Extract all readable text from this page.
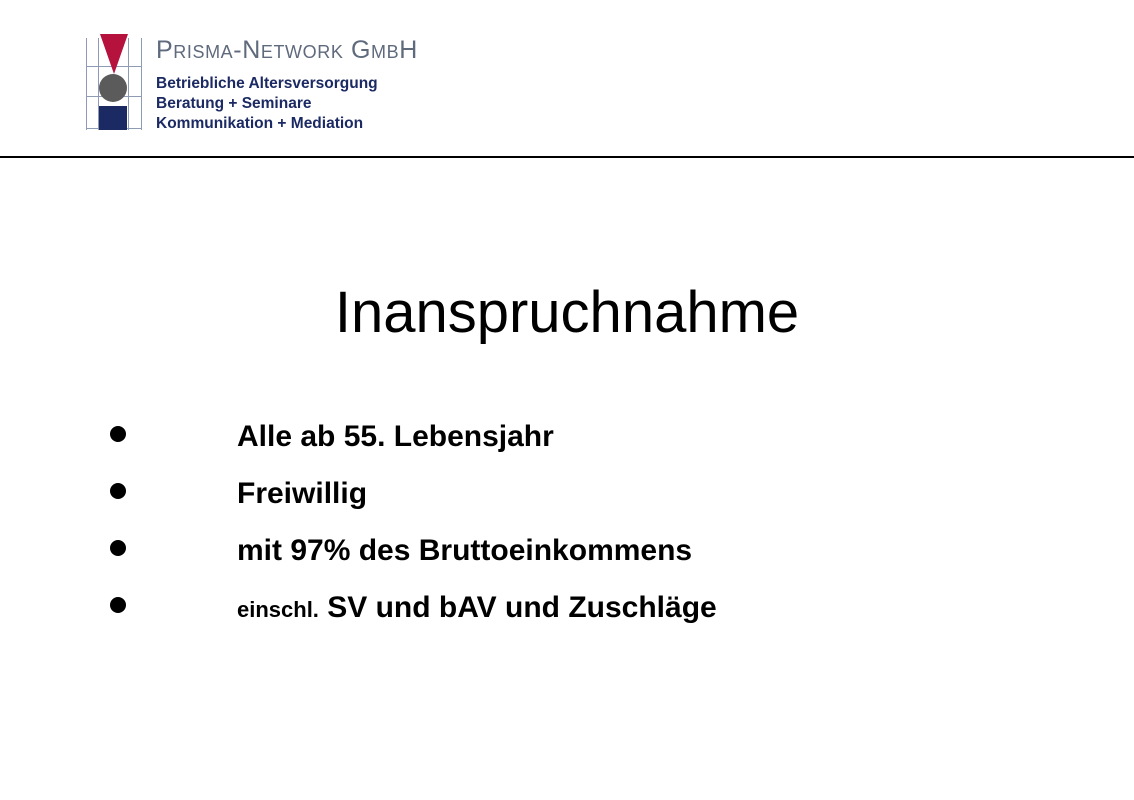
Prisma-Network GmbH
Betriebliche Altersversorgung
Beratung + Seminare
Kommunikation + Mediation
Inanspruchnahme
Alle ab 55. Lebensjahr
Freiwillig
mit 97% des Bruttoeinkommens
einschl. SV und bAV und Zuschläge
